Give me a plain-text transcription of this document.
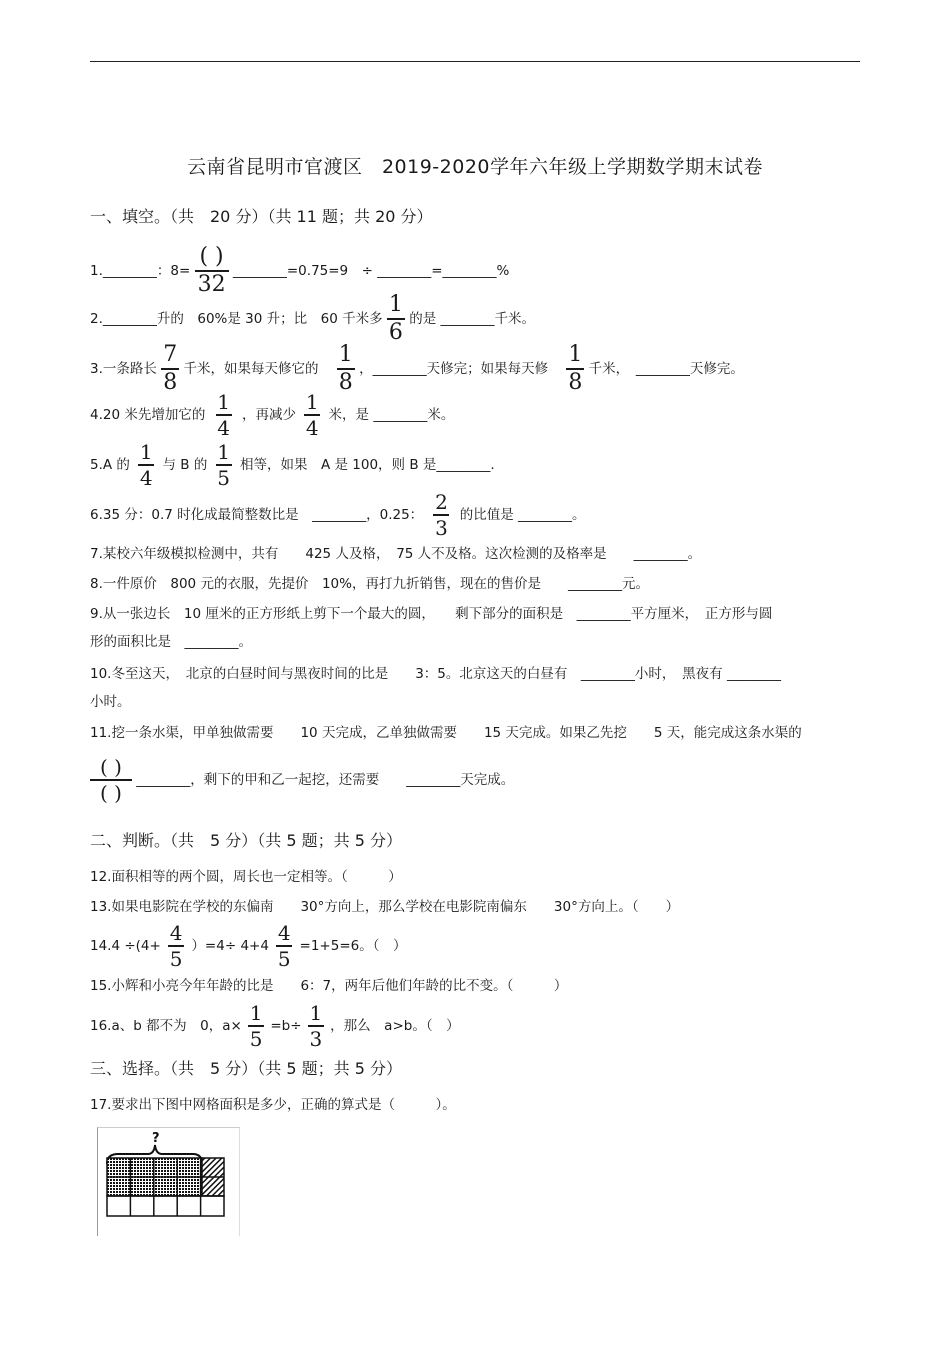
云南省昆明市官渡区　2019-2020学年六年级上学期数学期末试卷
一、填空。（共　20 分）（共 11 题；共 20 分）
1.________：$8= \frac{( )}{32}$ ________=0.75=9　÷ ________=________%
2.________升的　60%是 30 升；比　60 千米多 $\frac{1}{6}$ 的是 ________千米。
3.一条路长 $\frac{7}{8}$ 千米，如果每天修它的 $\frac{1}{8}$ ，________天修完；如果每天修 $\frac{1}{8}$ 千米，　________天修完。
4.20 米先增加它的 $\frac{1}{4}$ ，再减少 $\frac{1}{4}$ 米，是 ________米。
5.A 的 $\frac{1}{4}$ 与 B 的 $\frac{1}{5}$ 相等，如果　A 是 100，则 B 是________.
6.35 分：0.7 时化成最简整数比是　________，0.25： $\frac{2}{3}$ 的比值是 ________。
7.某校六年级模拟检测中，共有　　425 人及格，　75 人不及格。这次检测的及格率是　　________。
8.一件原价　800 元的衣服，先提价　10%，再打九折销售，现在的售价是　　________元。
9.从一张边长　10 厘米的正方形纸上剪下一个最大的圆，　　剩下部分的面积是　________平方厘米，　正方形与圆
形的面积比是　________。
10.冬至这天，　北京的白昼时间与黑夜时间的比是　　3：5。北京这天的白昼有　________小时，　黑夜有 ________
小时。
11.挖一条水渠，甲单独做需要　　10 天完成，乙单独做需要　　15 天完成。如果乙先挖　　5 天，能完成这条水渠的
$\frac{( )}{( )}$ ________，剩下的甲和乙一起挖，还需要　　________天完成。
二、判断。（共　5 分）（共 5 题；共 5 分）
12.面积相等的两个圆，周长也一定相等。（　　　）
13.如果电影院在学校的东偏南　　30°方向上，那么学校在电影院南偏东　　30°方向上。（　　）
$14.4 \div(4+ \frac{4}{5} )=4\div 4+4 \frac{4}{5} =1+5=6$。（　）
15.小辉和小亮今年年龄的比是　　6：7，两年后他们年龄的比不变。（　　　）
16.a、b 都不为　0，$a\times \frac{1}{5} =b\div \frac{1}{3}$ ，那么　a>b。（　）
三、选择。（共　5 分）（共 5 题；共 5 分）
17.要求出下图中网格面积是多少，正确的算式是（　　　）。
?
